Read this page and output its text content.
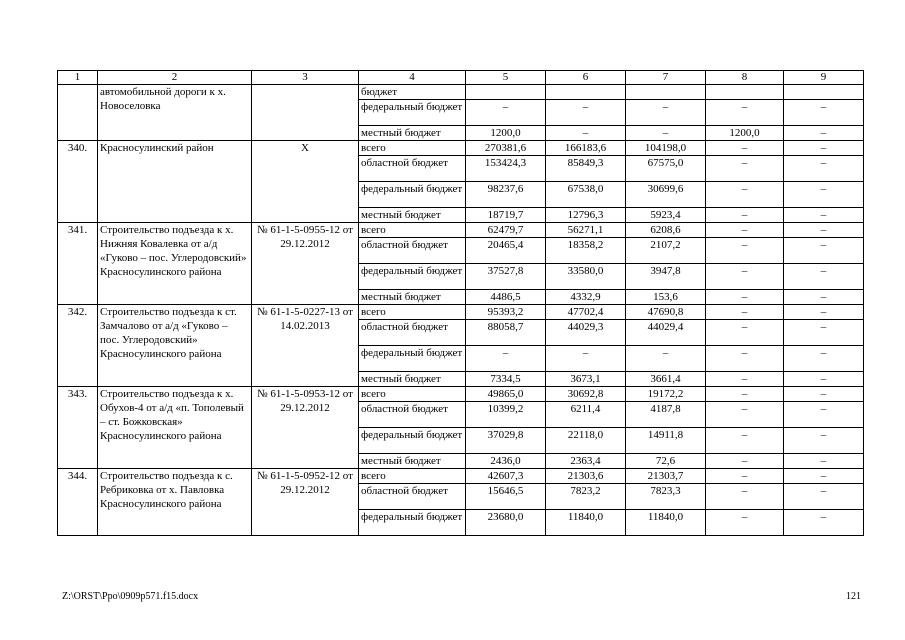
1	2	3	4	5	6	7	8	9
	автомобильной дороги к х. Новоселовка		бюджет					
			федеральный бюджет	–	–	–	–	–
			местный бюджет	1200,0	–	–	1200,0	–
340.	Красносулинский район	Х	всего	270381,6	166183,6	104198,0	–	–
			областной бюджет	153424,3	85849,3	67575,0	–	–
			федеральный бюджет	98237,6	67538,0	30699,6	–	–
			местный бюджет	18719,7	12796,3	5923,4	–	–
341.	Строительство подъезда к х. Нижняя Ковалевка от а/д «Гуково – пос. Углеродовский» Красносулинского района	№ 61-1-5-0955-12 от 29.12.2012	всего	62479,7	56271,1	6208,6	–	–
			областной бюджет	20465,4	18358,2	2107,2	–	–
			федеральный бюджет	37527,8	33580,0	3947,8	–	–
			местный бюджет	4486,5	4332,9	153,6	–	–
342.	Строительство подъезда к ст. Замчалово от а/д «Гуково – пос. Углеродовский» Красносулинского района	№ 61-1-5-0227-13 от 14.02.2013	всего	95393,2	47702,4	47690,8	–	–
			областной бюджет	88058,7	44029,3	44029,4	–	–
			федеральный бюджет	–	–	–	–	–
			местный бюджет	7334,5	3673,1	3661,4	–	–
343.	Строительство подъезда к х. Обухов-4 от а/д «п. Тополевый – ст. Божковская» Красносулинского района	№ 61-1-5-0953-12 от 29.12.2012	всего	49865,0	30692,8	19172,2	–	–
			областной бюджет	10399,2	6211,4	4187,8	–	–
			федеральный бюджет	37029,8	22118,0	14911,8	–	–
			местный бюджет	2436,0	2363,4	72,6	–	–
344.	Строительство подъезда к с. Ребриковка от х. Павловка Красносулинского района	№ 61-1-5-0952-12 от 29.12.2012	всего	42607,3	21303,6	21303,7	–	–
			областной бюджет	15646,5	7823,2	7823,3	–	–
			федеральный бюджет	23680,0	11840,0	11840,0	–	–
Z:\ORST\Ppo\0909p571.f15.docx	121
